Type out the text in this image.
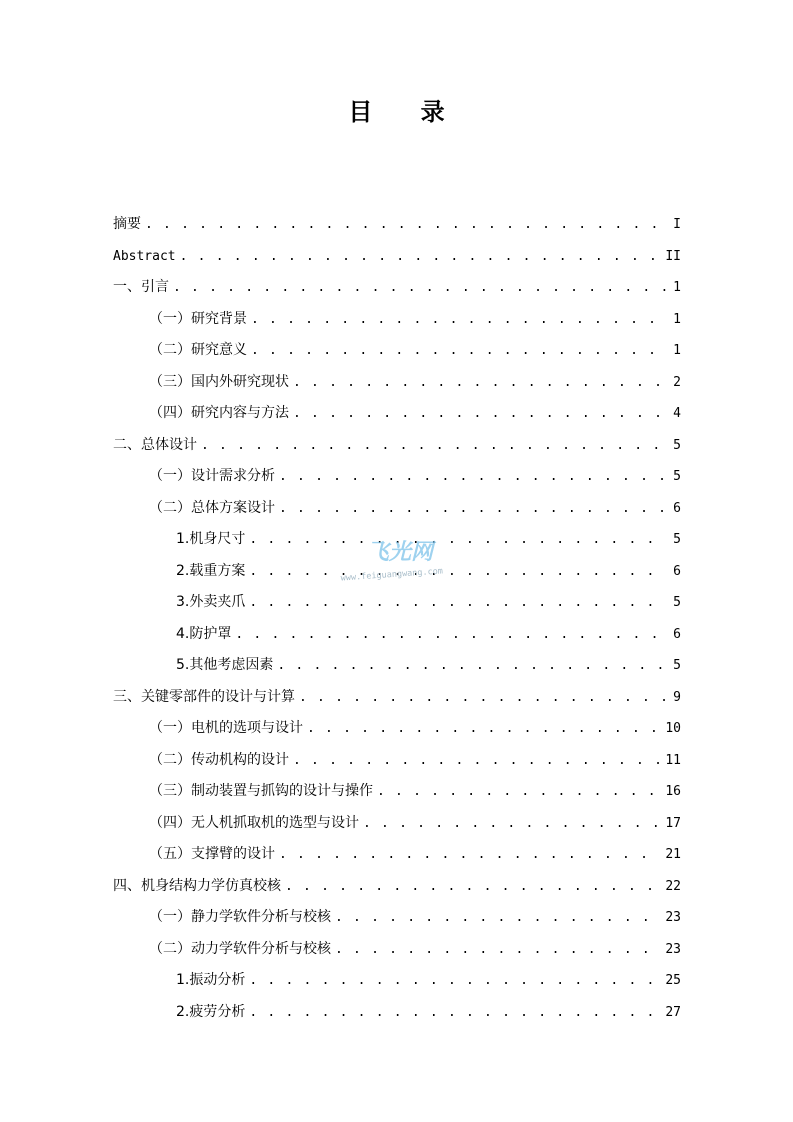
目 录
摘要 . . .	I
Abstract . . .	II
一、引言 . . .	1
（一）研究背景 . . .	1
（二）研究意义 . . .	1
（三）国内外研究现状 . . .	2
（四）研究内容与方法 . . .	4
二、总体设计 . . .	5
（一）设计需求分析 . . .	5
（二）总体方案设计 . . .	6
1.机身尺寸 . . .	5
2.载重方案 . . .	6
3.外卖夹爪 . . .	5
4.防护罩 . . .	6
5.其他考虑因素 . . .	5
三、关键零部件的设计与计算 . . .	9
（一）电机的选项与设计 . . .	10
（二）传动机构的设计 . . .	11
（三）制动装置与抓钩的设计与操作 . . .	16
（四）无人机抓取机的选型与设计 . . .	17
（五）支撑臂的设计 . . .	21
四、机身结构力学仿真校核 . . .	22
（一）静力学软件分析与校核 . . .	23
（二）动力学软件分析与校核 . . .	23
1.振动分析 . . .	25
2.疲劳分析 . . .	27
飞光网
www.feiguangwang.com
